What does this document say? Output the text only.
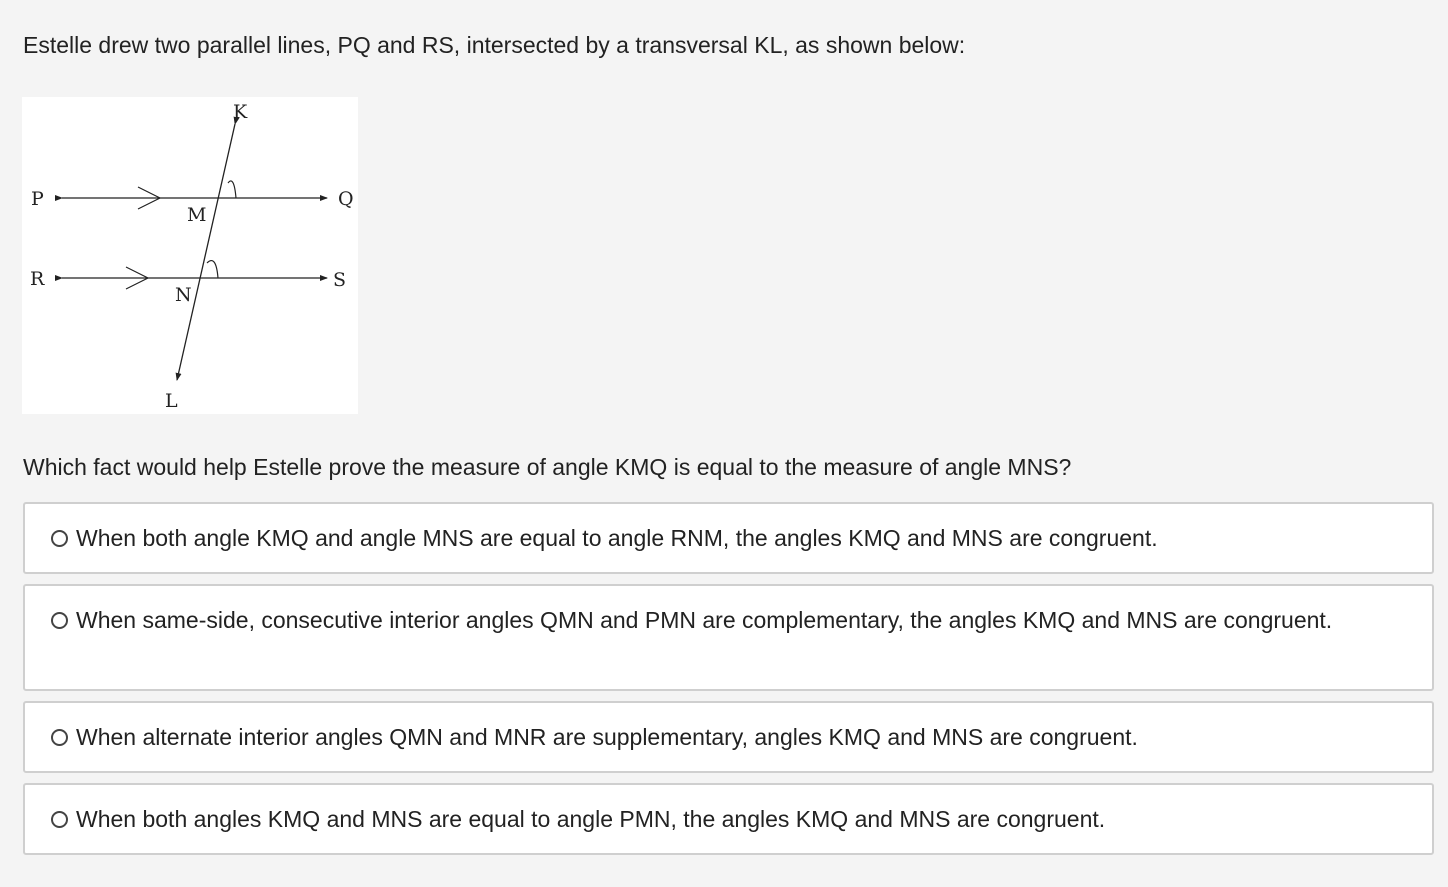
Estelle drew two parallel lines, PQ and RS, intersected by a transversal KL, as shown below:

K
L
M
N
P	Q
R	S

Which fact would help Estelle prove the measure of angle KMQ is equal to the measure of angle MNS?

When both angle KMQ and angle MNS are equal to angle RNM, the angles KMQ and MNS are congruent.
When same-side, consecutive interior angles QMN and PMN are complementary, the angles KMQ and MNS are congruent.
When alternate interior angles QMN and MNR are supplementary, angles KMQ and MNS are congruent.
When both angles KMQ and MNS are equal to angle PMN, the angles KMQ and MNS are congruent.
